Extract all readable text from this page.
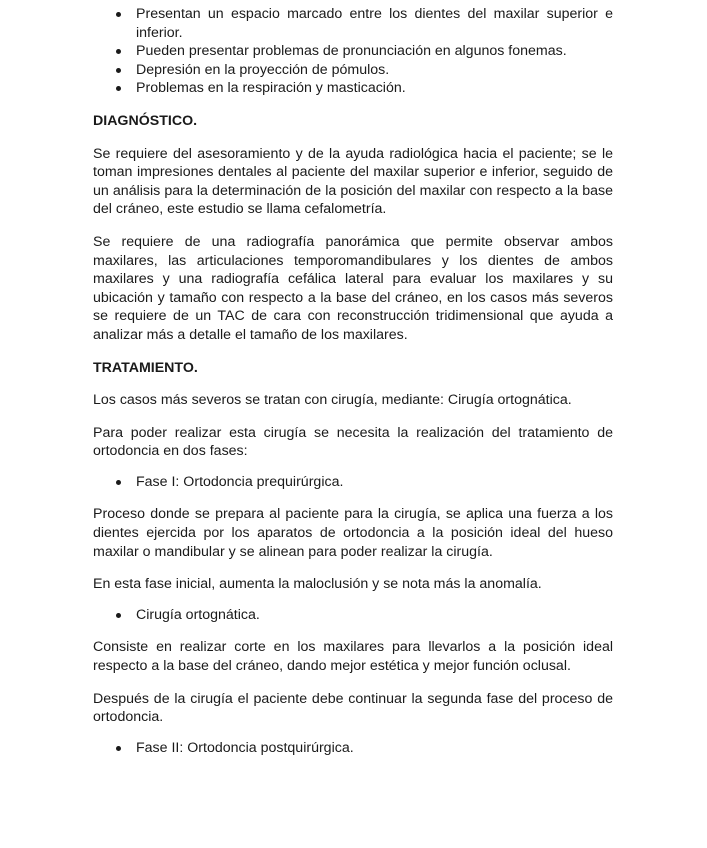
Presentan un espacio marcado entre los dientes del maxilar superior e inferior.
Pueden presentar problemas de pronunciación en algunos fonemas.
Depresión en la proyección de pómulos.
Problemas en la respiración y masticación.

DIAGNÓSTICO.

Se requiere del asesoramiento y de la ayuda radiológica hacia el paciente; se le toman impresiones dentales al paciente del maxilar superior e inferior, seguido de un análisis para la determinación de la posición del maxilar con respecto a la base del cráneo, este estudio se llama cefalometría.

Se requiere de una radiografía panorámica que permite observar ambos maxilares, las articulaciones temporomandibulares y los dientes de ambos maxilares y una radiografía cefálica lateral para evaluar los maxilares y su ubicación y tamaño con respecto a la base del cráneo, en los casos más severos se requiere de un TAC de cara con reconstrucción tridimensional que ayuda a analizar más a detalle el tamaño de los maxilares.

TRATAMIENTO.

Los casos más severos se tratan con cirugía, mediante: Cirugía ortognática.

Para poder realizar esta cirugía se necesita la realización del tratamiento de ortodoncia en dos fases:

Fase I: Ortodoncia prequirúrgica.

Proceso donde se prepara al paciente para la cirugía, se aplica una fuerza a los dientes ejercida por los aparatos de ortodoncia a la posición ideal del hueso maxilar o mandibular y se alinean para poder realizar la cirugía.

En esta fase inicial, aumenta la maloclusión y se nota más la anomalía.

Cirugía ortognática.

Consiste en realizar corte en los maxilares para llevarlos a la posición ideal respecto a la base del cráneo, dando mejor estética y mejor función oclusal.

Después de la cirugía el paciente debe continuar la segunda fase del proceso de ortodoncia.

Fase II: Ortodoncia postquirúrgica.
